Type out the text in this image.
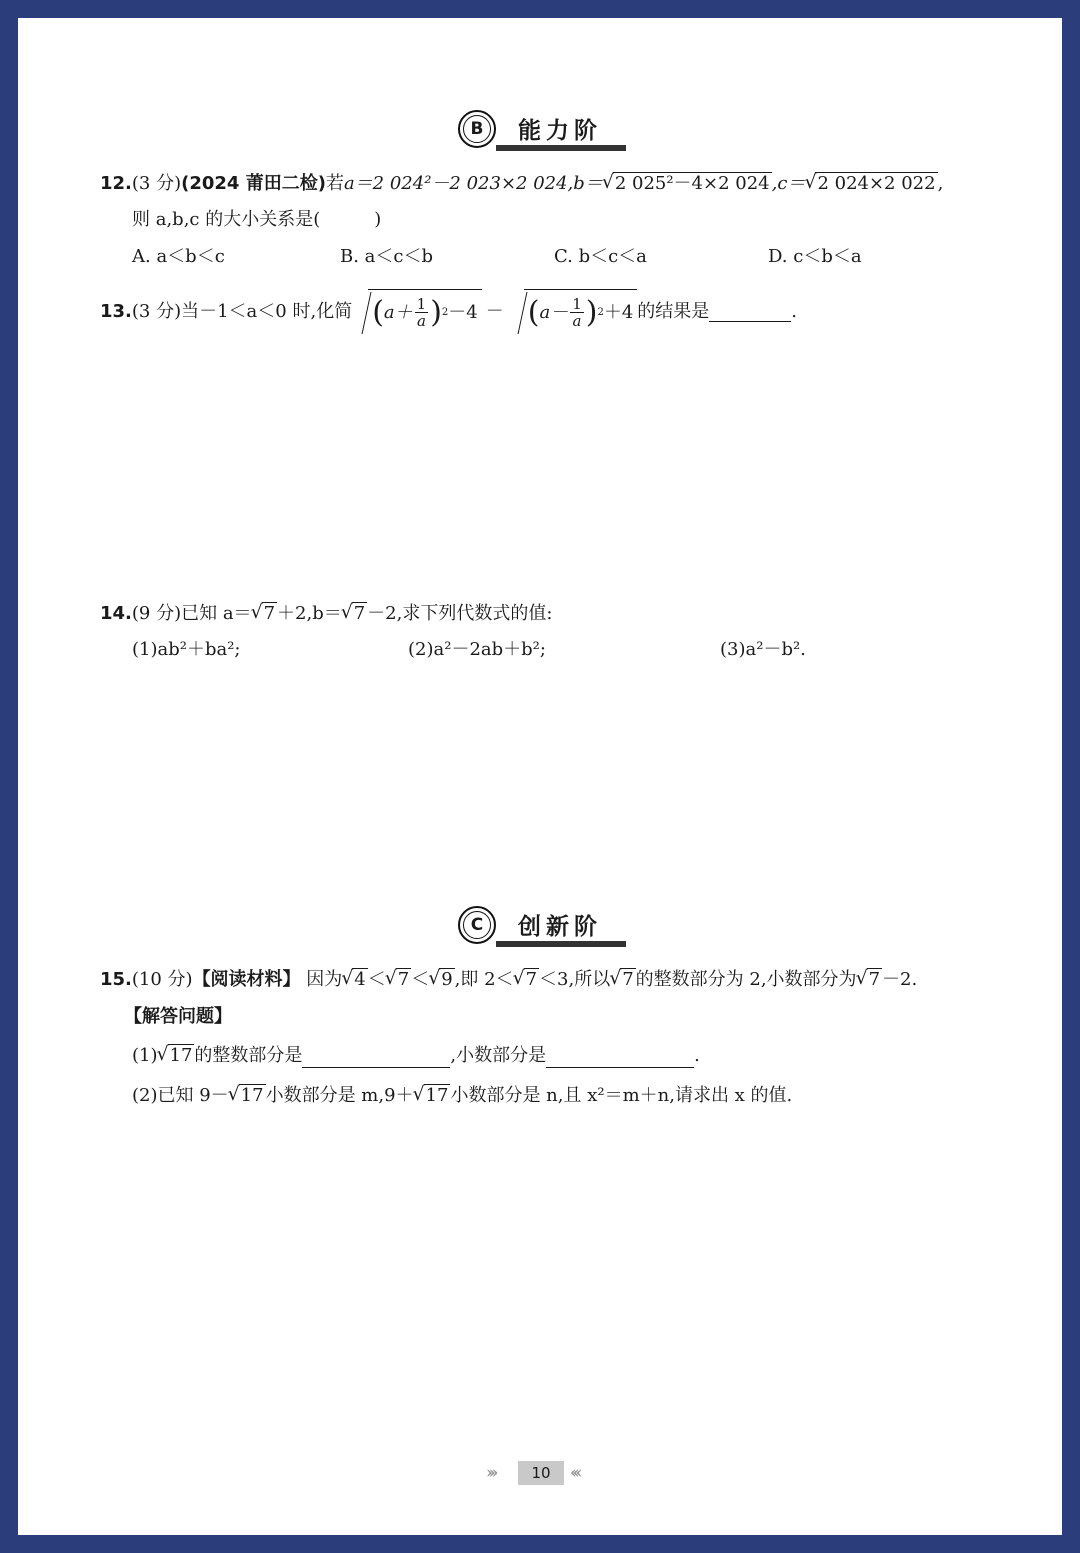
B	能力阶
12.(3 分)(2024 莆田二检)若a＝2 024²－2 023×2 024,b＝ √ 2 025²－4×2 024 ,c＝ √ 2 024×2 022 ,
则 a,b,c 的大小关系是(　　　)
A. a＜b＜c	B. a＜c＜b	C. b＜c＜a	D. c＜b＜a
13. (3 分) 当－1＜a＜0 时,化简 ( $a+ \frac{1}{a}$ ) 2 －4 － ( $a- \frac{1}{a}$ ) 2 ＋4 的结果是	.
14.(9 分)已知 a＝ √ 7 ＋2,b＝ √ 7 －2,求下列代数式的值:
(1)ab²＋ba²;	(2)a²－2ab＋b²;	(3)a²－b².
C	创新阶
15.(10 分)【阅读材料】 因为 √ 4 ＜ √ 7 ＜ √ 9 ,即 2＜ √ 7 ＜3,所以 √ 7 的整数部分为 2,小数部分为 √ 7 －2.
【解答问题】
(1) √ 17 的整数部分是	,小数部分是	.
(2)已知 9－ √ 17 小数部分是 m,9＋ √ 17 小数部分是 n,且 x²＝m＋n,请求出 x 的值.
›››	10	‹‹‹
